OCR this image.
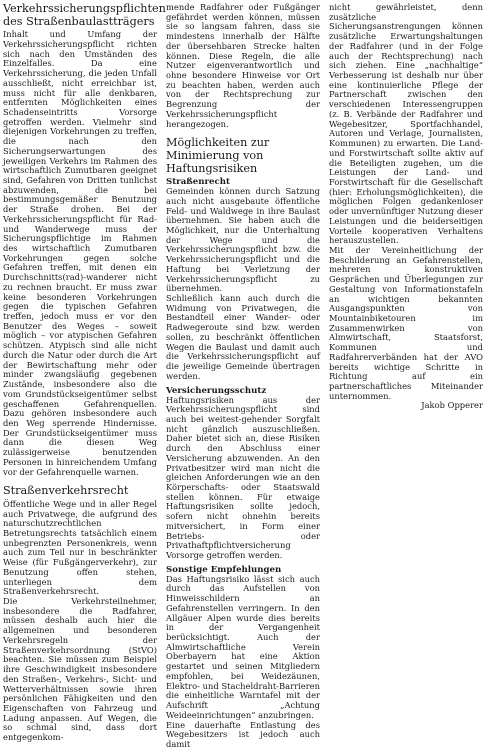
Verkehrssicherungspflichten des Straßenbaulastträgers

Inhalt und Umfang der Verkehrssicherungspflicht richten sich nach den Umständen des Einzelfalles. Da eine Verkehrssicherung, die jeden Unfall ausschließt, nicht erreichbar ist, muss nicht für alle denkbaren, entfernten Möglichkeiten eines Schadenseintritts Vorsorge getroffen werden. Vielmehr sind diejenigen Vorkehrungen zu treffen, die nach den Sicherungserwartungen des jeweiligen Verkehrs im Rahmen des wirtschaftlich Zumutbaren geeignet sind, Gefahren von Dritten tunlichst abzuwenden, die bei bestimmungsgemäßer Benutzung der Straße drohen. Bei der Verkehrssicherungspflicht für Rad- und Wanderwege muss der Sicherungspflichtige im Rahmen des wirtschaftlich Zumutbaren Vorkehrungen gegen solche Gefahren treffen, mit denen ein Durchschnitts(rad)-wanderer nicht zu rechnen braucht. Er muss zwar keine besonderen Vorkehrungen gegen die typischen Gefahren treffen, jedoch muss er vor den Benutzer des Weges – soweit möglich – vor atypischen Gefahren schützen. Atypisch sind alle nicht durch die Natur oder durch die Art der Bewirtschaftung mehr oder minder zwangsläufig gegebenen Zustände, insbesondere also die vom Grundstückseigentümer selbst geschaffenen Gefahrenquellen. Dazu gehören insbesondere auch den Weg sperrende Hindernisse. Der Grundstückseigentümer muss dann die diesen Weg zulässigerweise benutzenden Personen in hinreichendem Umfang vor der Gefahrenquelle warnen.

Straßenverkehrsrecht

Öffentliche Wege und in aller Regel auch Privatwege, die aufgrund des naturschutzrechtlichen Betretungsrechts tatsächlich einem unbegrenzten Personenkreis, wenn auch zum Teil nur in beschränkter Weise (für Fußgängerverkehr), zur Benutzung offen stehen, unterliegen dem Straßenverkehrsrecht.

Die Verkehrsteilnehmer, insbesondere die Radfahrer, müssen deshalb auch hier die allgemeinen und besonderen Verkehrsregeln der Straßenverkehrsordnung (StVO) beachten. Sie müssen zum Beispiel ihre Geschwindigkeit insbesondere den Straßen-, Verkehrs-, Sicht- und Wetterverhältnissen sowie ihren persönlichen Fähigkeiten und den Eigenschaften von Fahrzeug und Ladung anpassen. Auf Wegen, die so schmal sind, dass dort entgegenkom-

mende Radfahrer oder Fußgänger gefährdet werden können, müssen sie so langsam fahren, dass sie mindestens innerhalb der Hälfte der übersehbaren Strecke halten können. Diese Regeln, die alle Nutzer eigenverantwortlich und ohne besondere Hinweise vor Ort zu beachten haben, werden auch von der Rechtsprechung zur Begrenzung der Verkehrssicherungspflicht herangezogen.

Möglichkeiten zur Minimierung von Haftungsrisiken
Straßenrecht

Gemeinden können durch Satzung auch nicht ausgebaute öffentliche Feld- und Waldwege in ihre Baulast übernehmen. Sie haben auch die Möglichkeit, nur die Unterhaltung der Wege und die Verkehrssicherungspflicht bzw. die Verkehrssicherungspflicht und die Haftung bei Verletzung der Verkehrssicherungspflicht zu übernehmen.

Schließlich kann auch durch die Widmung von Privatwegen, die Bestandteil einer Wander- oder Radwegeroute sind bzw. werden sollen, zu beschränkt öffentlichen Wegen die Baulast und damit auch die Verkehrssicherungspflicht auf die jeweilige Gemeinde übertragen werden.

Versicherungsschutz

Haftungsrisiken aus der Verkehrssicherungspflicht sind auch bei weitest-gehender Sorgfalt nicht gänzlich auszuschließen. Daher bietet sich an, diese Risiken durch den Abschluss einer Versicherung abzuwenden. An den Privatbesitzer wird man nicht die gleichen Anforderungen wie an den Körperschafts- oder Staatswald stellen können. Für etwaige Haftungsrisiken sollte jedoch, sofern nicht ohnehin bereits mitversichert, in Form einer Betriebs- oder Privathaftpflichtversicherung Vorsorge getroffen werden.

Sonstige Empfehlungen

Das Haftungsrisiko lässt sich auch durch das Aufstellen von Hinweisschildern an Gefahrenstellen verringern. In den Allgäuer Alpen wurde dies bereits in der Vergangenheit berücksichtigt. Auch der Almwirtschaftliche Verein Oberbayern hat eine Aktion gestartet und seinen Mitgliedern empfohlen, bei Weidezäunen, Elektro- und Stacheldraht-Barrieren die einheitliche Warntafel mit der Aufschrift „Achtung Weideeinrichtungen“ anzubringen.

Eine dauerhafte Entlastung des Wegebesitzers ist jedoch auch damit

nicht gewährleistet, denn zusätzliche Sicherungsanstrengungen können zusätzliche Erwartungshaltungen der Radfahrer (und in der Folge auch der Rechtsprechung) nach sich ziehen. Eine „nachhaltige“ Verbesserung ist deshalb nur über eine kontinuierliche Pflege der Partnerschaft zwischen den verschiedenen Interessengruppen (z. B. Verbände der Radfahrer und Wegebesitzer, Sportfachhandel, Autoren und Verlage, Journalisten, Kommunen) zu erwarten. Die Land- und Forstwirtschaft sollte aktiv auf die Beteiligten zugehen, um die Leistungen der Land- und Forstwirtschaft für die Gesellschaft (hier: Erholungsmöglichkeiten), die möglichen Folgen gedankenloser oder unvernünftiger Nutzung dieser Leistungen und die beiderseitigen Vorteile kooperativen Verhaltens herauszustellen.

Mit der Vereinheitlichung der Beschilderung an Gefahrenstellen, mehreren konstruktiven Gesprächen und Überlegungen zur Gestaltung von Informationstafeln an wichtigen bekannten Ausgangspunkten von Mountainbiketouren im Zusammenwirken von Almwirtschaft, Staatsforst, Kommunen und Radfahrerverbänden hat der AVO bereits wichtige Schritte in Richtung auf ein partnerschaftliches Miteinander unternommen.

Jakob Opperer
